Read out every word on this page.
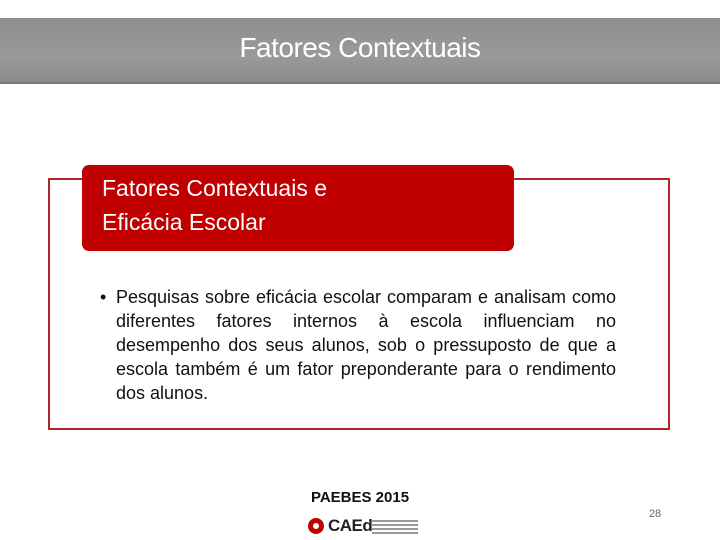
Fatores Contextuais
Fatores Contextuais e
Eficácia Escolar
• Pesquisas sobre eficácia escolar comparam e analisam como diferentes fatores internos à escola influenciam no desempenho dos seus alunos, sob o pressuposto de que a escola também é um fator preponderante para o rendimento dos alunos.
PAEBES 2015
CAEd
28
